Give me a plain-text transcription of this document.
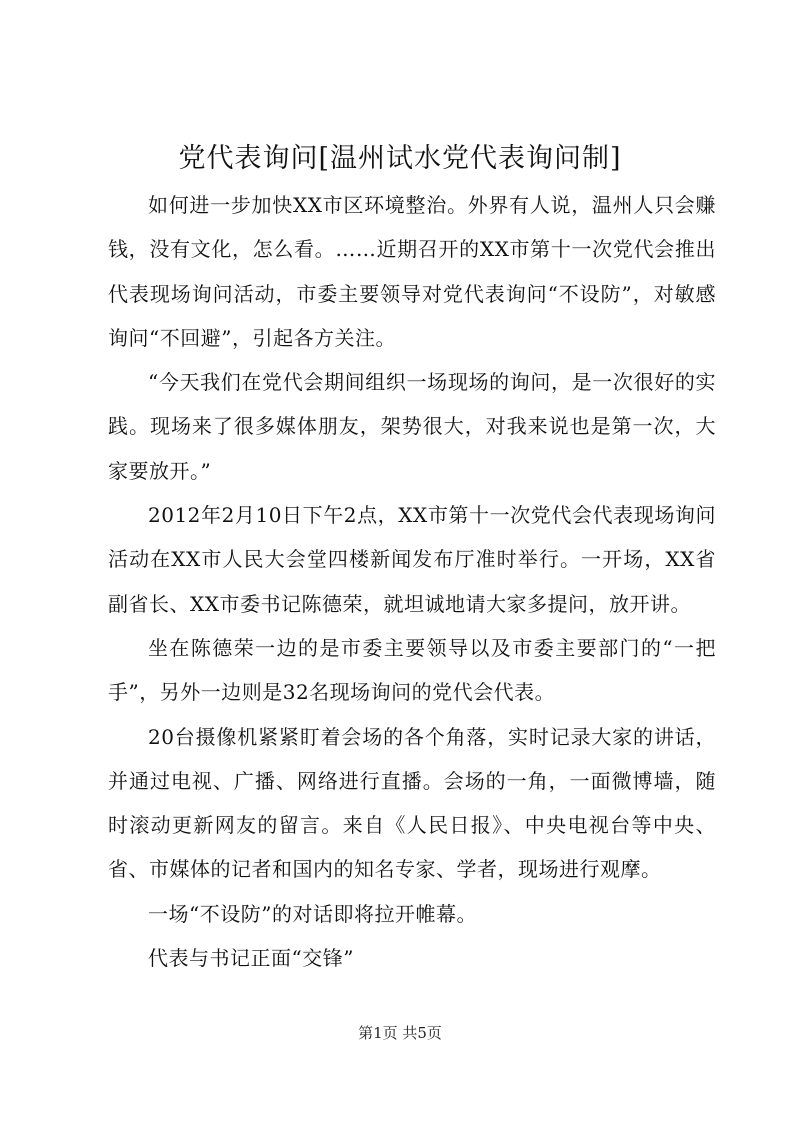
党代表询问[温州试水党代表询问制]

如何进一步加快XX市区环境整治。外界有人说，温州人只会赚钱，没有文化，怎么看。……近期召开的XX市第十一次党代会推出代表现场询问活动，市委主要领导对党代表询问“不设防”，对敏感询问“不回避”，引起各方关注。

“今天我们在党代会期间组织一场现场的询问，是一次很好的实践。现场来了很多媒体朋友，架势很大，对我来说也是第一次，大家要放开。”

2012年2月10日下午2点，XX市第十一次党代会代表现场询问活动在XX市人民大会堂四楼新闻发布厅准时举行。一开场，XX省副省长、XX市委书记陈德荣，就坦诚地请大家多提问，放开讲。

坐在陈德荣一边的是市委主要领导以及市委主要部门的“一把手”，另外一边则是32名现场询问的党代会代表。

20台摄像机紧紧盯着会场的各个角落，实时记录大家的讲话，并通过电视、广播、网络进行直播。会场的一角，一面微博墙，随时滚动更新网友的留言。来自《人民日报》、中央电视台等中央、省、市媒体的记者和国内的知名专家、学者，现场进行观摩。

一场“不设防”的对话即将拉开帷幕。

代表与书记正面“交锋”

第1页 共5页
